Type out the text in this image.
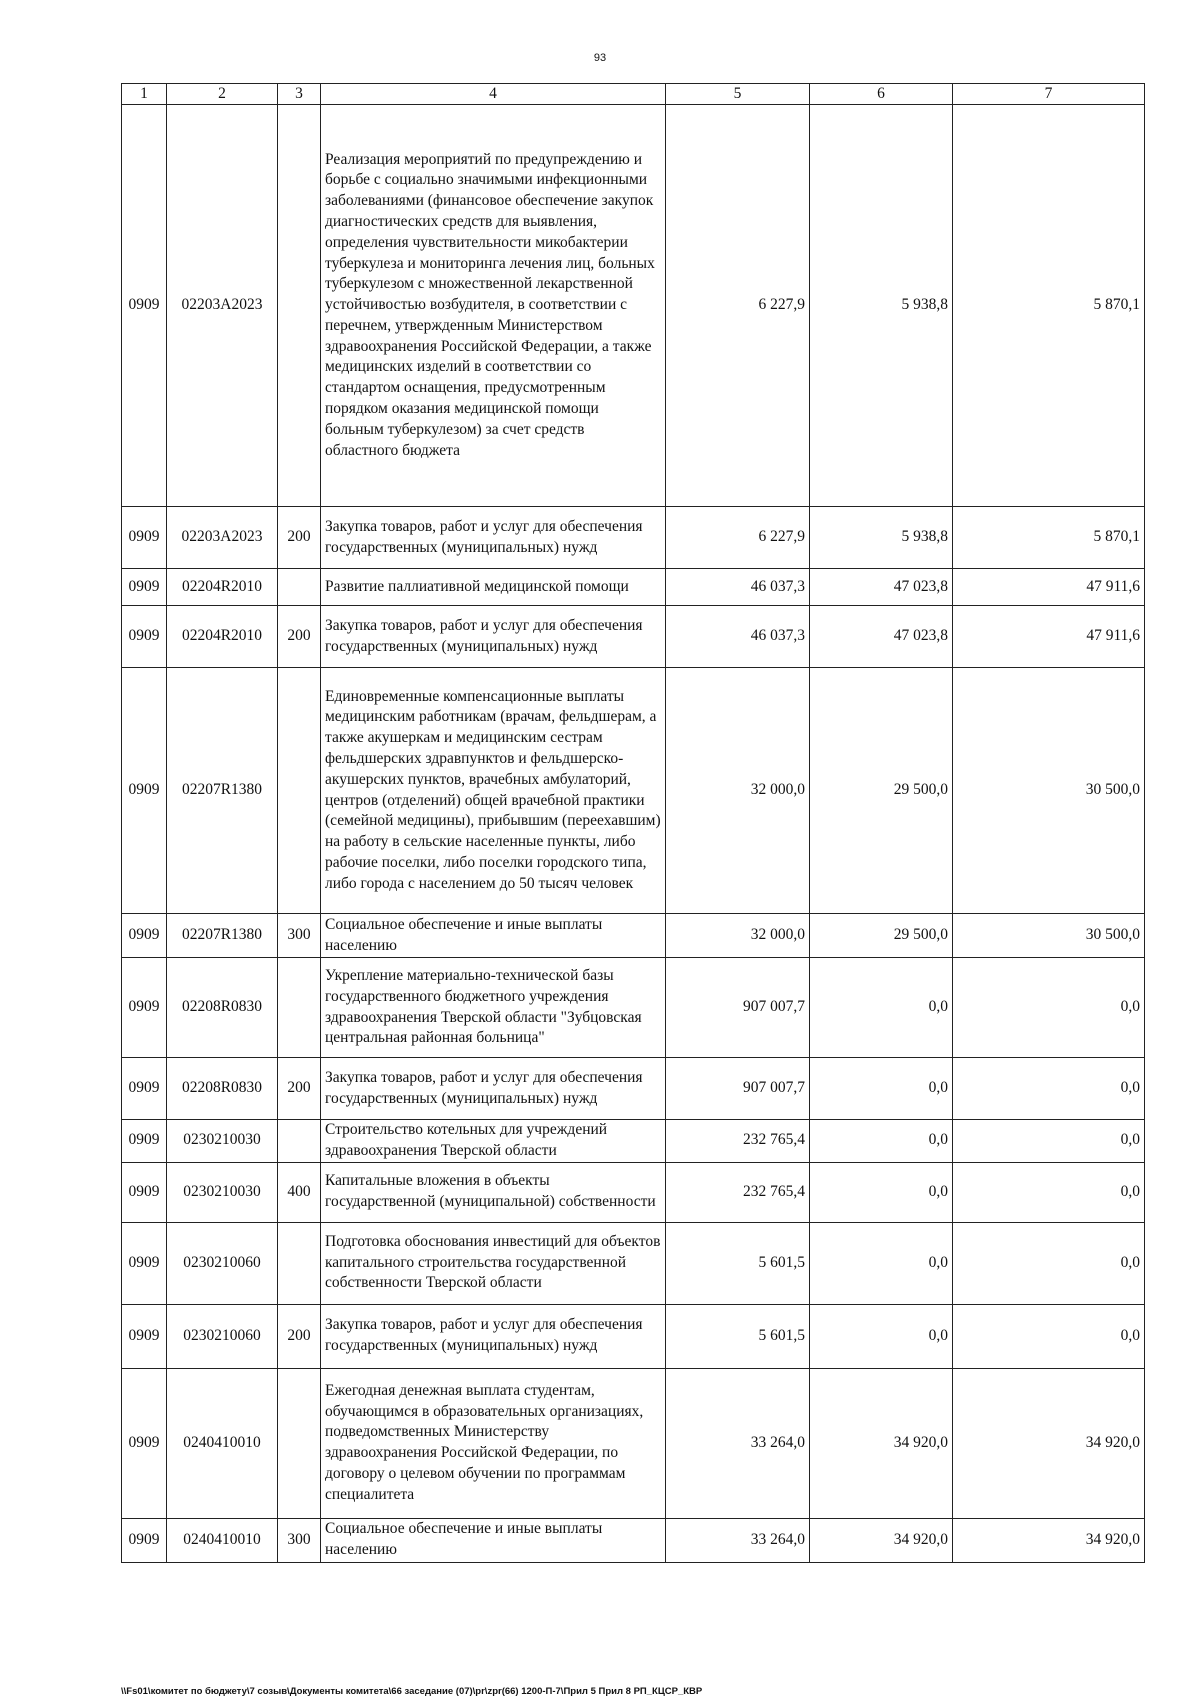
93
1	2	3	4	5	6	7
0909	02203А2023		Реализация мероприятий по предупреждению и борьбе с социально значимыми инфекционными заболеваниями (финансовое обеспечение закупок диагностических средств для выявления, определения чувствительности микобактерии туберкулеза и мониторинга лечения лиц, больных туберкулезом с множественной лекарственной устойчивостью возбудителя, в соответствии с перечнем, утвержденным Министерством здравоохранения Российской Федерации, а также медицинских изделий в соответствии со стандартом оснащения, предусмотренным порядком оказания медицинской помощи больным туберкулезом) за счет средств областного бюджета	6 227,9	5 938,8	5 870,1
0909	02203А2023	200	Закупка товаров, работ и услуг для обеспечения государственных (муниципальных) нужд	6 227,9	5 938,8	5 870,1
0909	02204R2010		Развитие паллиативной медицинской помощи	46 037,3	47 023,8	47 911,6
0909	02204R2010	200	Закупка товаров, работ и услуг для обеспечения государственных (муниципальных) нужд	46 037,3	47 023,8	47 911,6
0909	02207R1380		Единовременные компенсационные выплаты медицинским работникам (врачам, фельдшерам, а также акушеркам и медицинским сестрам фельдшерских здравпунктов и фельдшерско-акушерских пунктов, врачебных амбулаторий, центров (отделений) общей врачебной практики (семейной медицины), прибывшим (переехавшим) на работу в сельские населенные пункты, либо рабочие поселки, либо поселки городского типа, либо города с населением до 50 тысяч человек	32 000,0	29 500,0	30 500,0
0909	02207R1380	300	Социальное обеспечение и иные выплаты населению	32 000,0	29 500,0	30 500,0
0909	02208R0830		Укрепление материально-технической базы государственного бюджетного учреждения здравоохранения Тверской области "Зубцовская центральная районная больница"	907 007,7	0,0	0,0
0909	02208R0830	200	Закупка товаров, работ и услуг для обеспечения государственных (муниципальных) нужд	907 007,7	0,0	0,0
0909	0230210030		Строительство котельных для учреждений здравоохранения Тверской области	232 765,4	0,0	0,0
0909	0230210030	400	Капитальные вложения в объекты государственной (муниципальной) собственности	232 765,4	0,0	0,0
0909	0230210060		Подготовка обоснования инвестиций для объектов капитального строительства государственной собственности Тверской области	5 601,5	0,0	0,0
0909	0230210060	200	Закупка товаров, работ и услуг для обеспечения государственных (муниципальных) нужд	5 601,5	0,0	0,0
0909	0240410010		Ежегодная денежная выплата студентам, обучающимся в образовательных организациях, подведомственных Министерству здравоохранения Российской Федерации, по договору о целевом обучении по программам специалитета	33 264,0	34 920,0	34 920,0
0909	0240410010	300	Социальное обеспечение и иные выплаты населению	33 264,0	34 920,0	34 920,0
\\Fs01\комитет по бюджету\7 созыв\Документы комитета\66 заседание (07)\pr\zpr(66) 1200-П-7\Прил 5 Прил 8 РП_КЦСР_КВР
